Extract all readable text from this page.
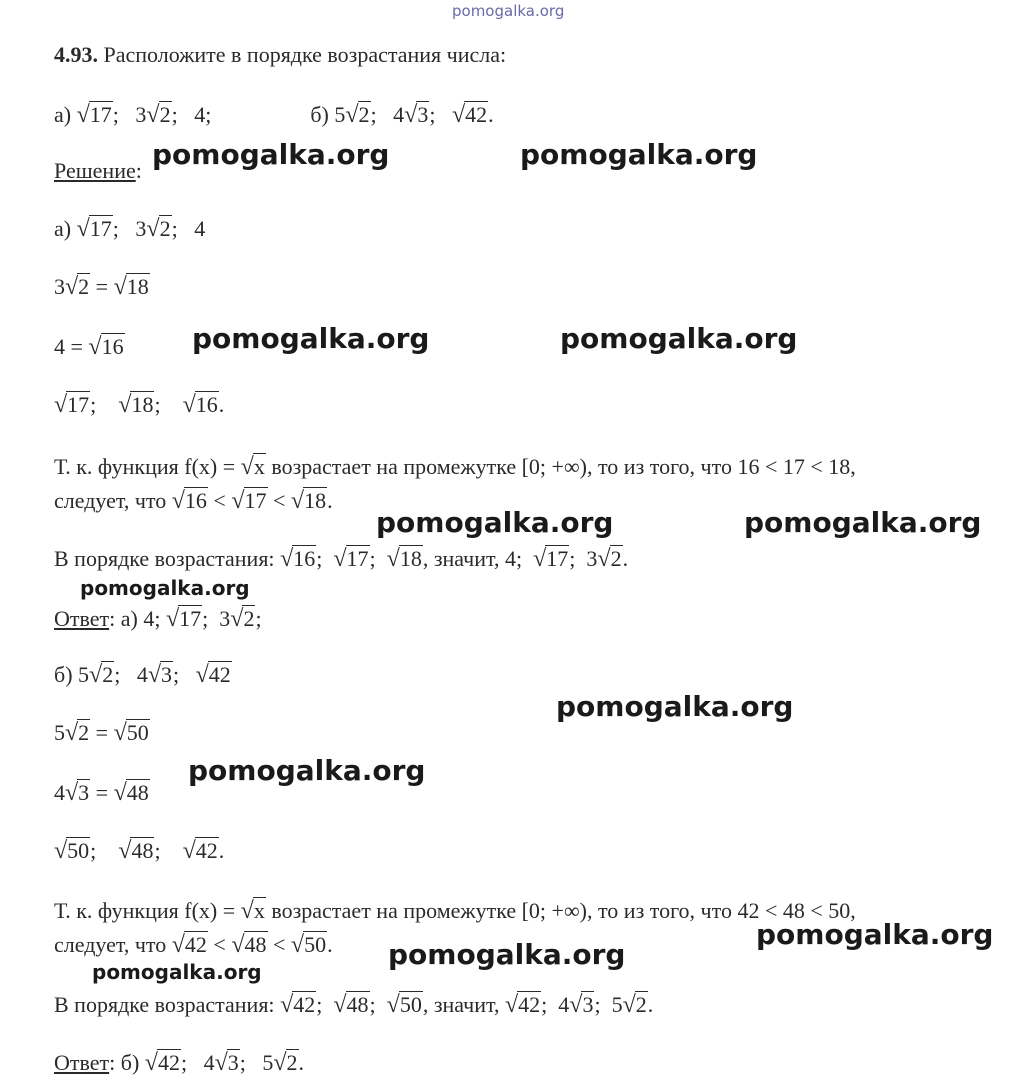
pomogalka.org
4.93. Расположите в порядке возрастания числа:
а) √17;   3√2;   4;	б) 5√2;   4√3;   √42.
Решение:
а) √17;   3√2;   4
3√2 = √18
4 = √16
√17;    √18;    √16.
Т. к. функция f(x) = √x возрастает на промежутке [0; +∞), то из того, что 16 < 17 < 18,
следует, что √16 < √17 < √18.
В порядке возрастания: √16;  √17;  √18, значит, 4;  √17;  3√2.
Ответ: а) 4; √17;  3√2;
б) 5√2;   4√3;   √42
5√2 = √50
4√3 = √48
√50;    √48;    √42.
Т. к. функция f(x) = √x возрастает на промежутке [0; +∞), то из того, что 42 < 48 < 50,
следует, что √42 < √48 < √50.
В порядке возрастания: √42;  √48;  √50, значит, √42;  4√3;  5√2.
Ответ: б) √42;   4√3;   5√2.
pomogalka.org	pomogalka.org
pomogalka.org	pomogalka.org
pomogalka.org	pomogalka.org
pomogalka.org
pomogalka.org
pomogalka.org
pomogalka.org
pomogalka.org
pomogalka.org
